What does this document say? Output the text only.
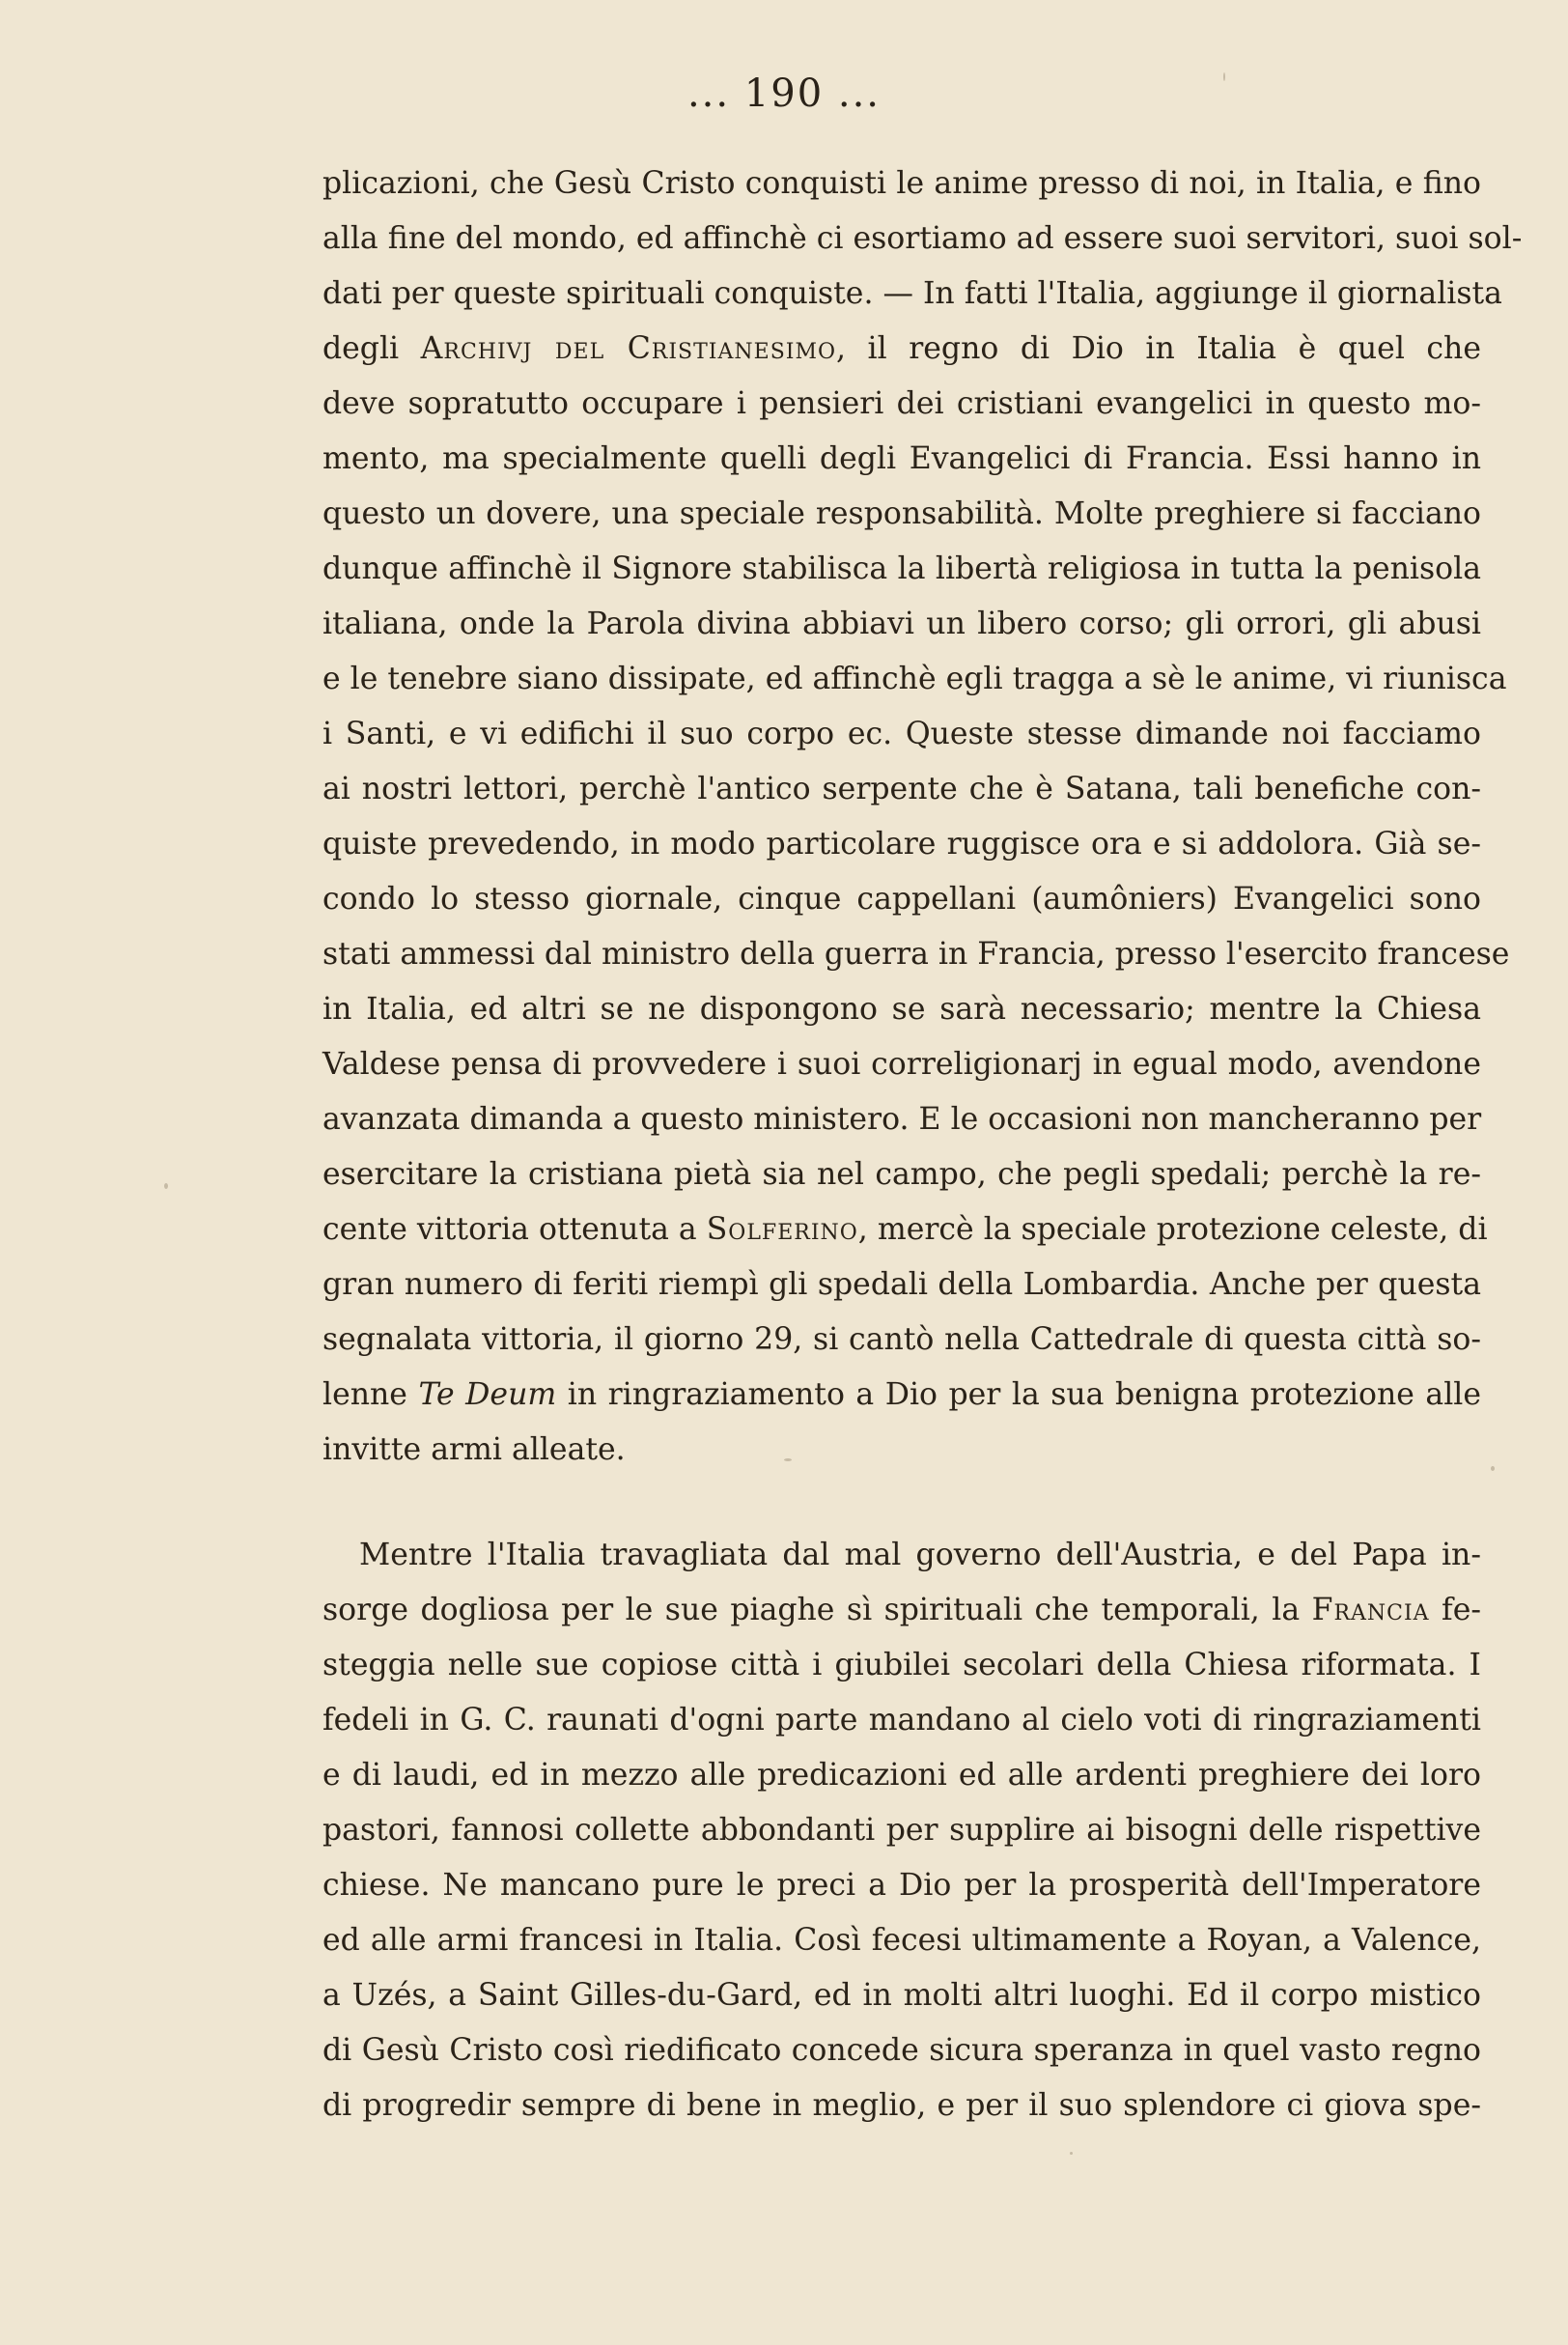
... 190 ...
plicazioni, che Gesù Cristo conquisti le anime presso di noi, in Italia, e fino
alla fine del mondo, ed affinchè ci esortiamo ad essere suoi servitori, suoi sol-
dati per queste spirituali conquiste. — In fatti l'Italia, aggiunge il giornalista
degli Archivj del Cristianesimo, il regno di Dio in Italia è quel che
deve sopratutto occupare i pensieri dei cristiani evangelici in questo mo-
mento, ma specialmente quelli degli Evangelici di Francia. Essi hanno in
questo un dovere, una speciale responsabilità. Molte preghiere si facciano
dunque affinchè il Signore stabilisca la libertà religiosa in tutta la penisola
italiana, onde la Parola divina abbiavi un libero corso; gli orrori, gli abusi
e le tenebre siano dissipate, ed affinchè egli tragga a sè le anime, vi riunisca
i Santi, e vi edifichi il suo corpo ec. Queste stesse dimande noi facciamo
ai nostri lettori, perchè l'antico serpente che è Satana, tali benefiche con-
quiste prevedendo, in modo particolare ruggisce ora e si addolora. Già se-
condo lo stesso giornale, cinque cappellani (aumôniers) Evangelici sono
stati ammessi dal ministro della guerra in Francia, presso l'esercito francese
in Italia, ed altri se ne dispongono se sarà necessario; mentre la Chiesa
Valdese pensa di provvedere i suoi correligionarj in egual modo, avendone
avanzata dimanda a questo ministero. E le occasioni non mancheranno per
esercitare la cristiana pietà sia nel campo, che pegli spedali; perchè la re-
cente vittoria ottenuta a Solferino, mercè la speciale protezione celeste, di
gran numero di feriti riempì gli spedali della Lombardia. Anche per questa
segnalata vittoria, il giorno 29, si cantò nella Cattedrale di questa città so-
lenne Te Deum in ringraziamento a Dio per la sua benigna protezione alle
invitte armi alleate.
Mentre l'Italia travagliata dal mal governo dell'Austria, e del Papa in-
sorge dogliosa per le sue piaghe sì spirituali che temporali, la Francia fe-
steggia nelle sue copiose città i giubilei secolari della Chiesa riformata. I
fedeli in G. C. raunati d'ogni parte mandano al cielo voti di ringraziamenti
e di laudi, ed in mezzo alle predicazioni ed alle ardenti preghiere dei loro
pastori, fannosi collette abbondanti per supplire ai bisogni delle rispettive
chiese. Ne mancano pure le preci a Dio per la prosperità dell'Imperatore
ed alle armi francesi in Italia. Così fecesi ultimamente a Royan, a Valence,
a Uzés, a Saint Gilles-du-Gard, ed in molti altri luoghi. Ed il corpo mistico
di Gesù Cristo così riedificato concede sicura speranza in quel vasto regno
di progredir sempre di bene in meglio, e per il suo splendore ci giova spe-
